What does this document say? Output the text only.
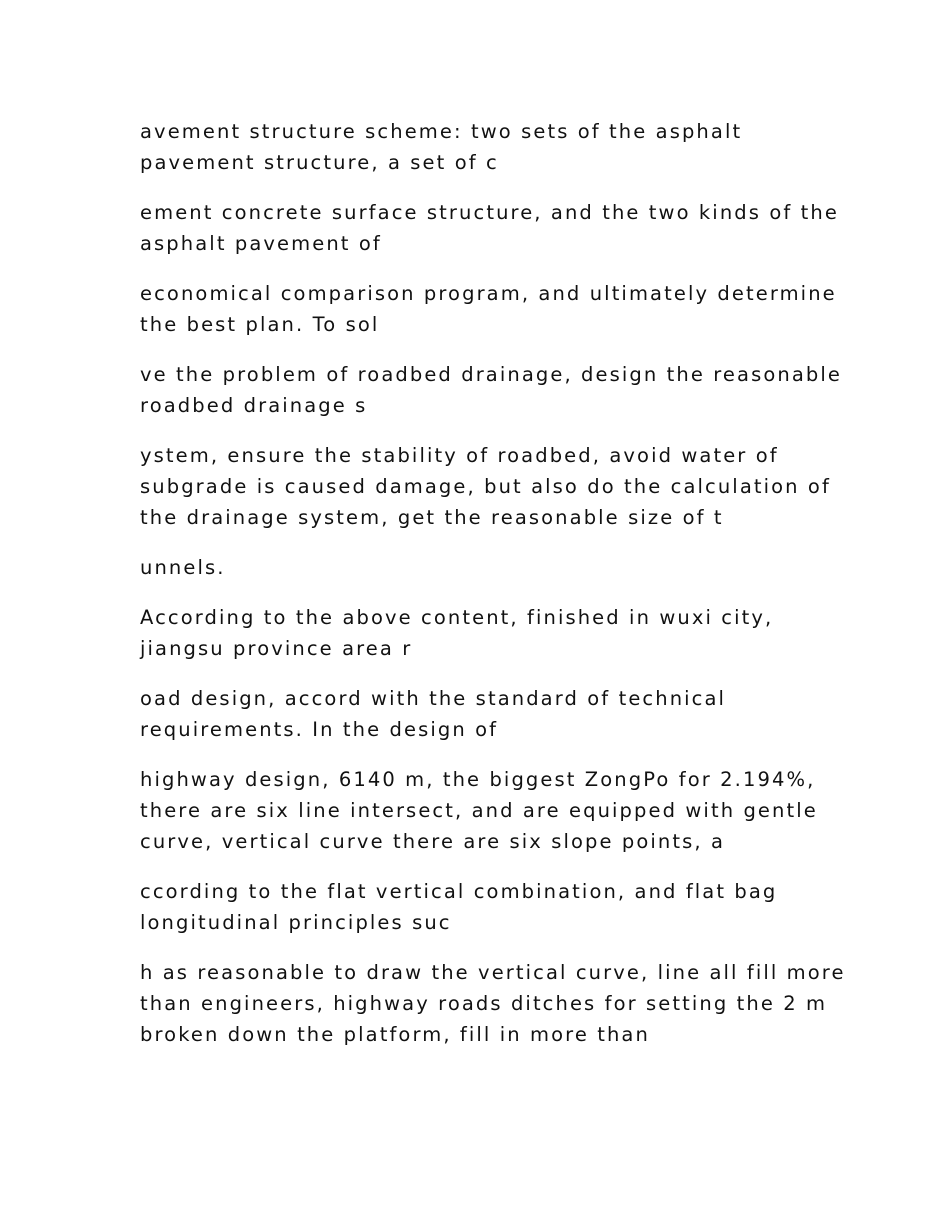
avement structure scheme: two sets of the asphalt
pavement structure, a set of c

ement concrete surface structure, and the two kinds of the
asphalt pavement of

economical comparison program, and ultimately determine
the best plan. To sol

ve the problem of roadbed drainage, design the reasonable
roadbed drainage s

ystem, ensure the stability of roadbed, avoid water of
subgrade is caused damage, but also do the calculation of
the drainage system, get the reasonable size of t

unnels.

According to the above content, finished in wuxi city,
jiangsu province area r

oad design, accord with the standard of technical
requirements. In the design of

highway design, 6140 m, the biggest ZongPo for 2.194%,
there are six line intersect, and are equipped with gentle
curve, vertical curve there are six slope points, a

ccording to the flat vertical combination, and flat bag
longitudinal principles suc

h as reasonable to draw the vertical curve, line all fill more
than engineers, highway roads ditches for setting the 2 m
broken down the platform, fill in more than
